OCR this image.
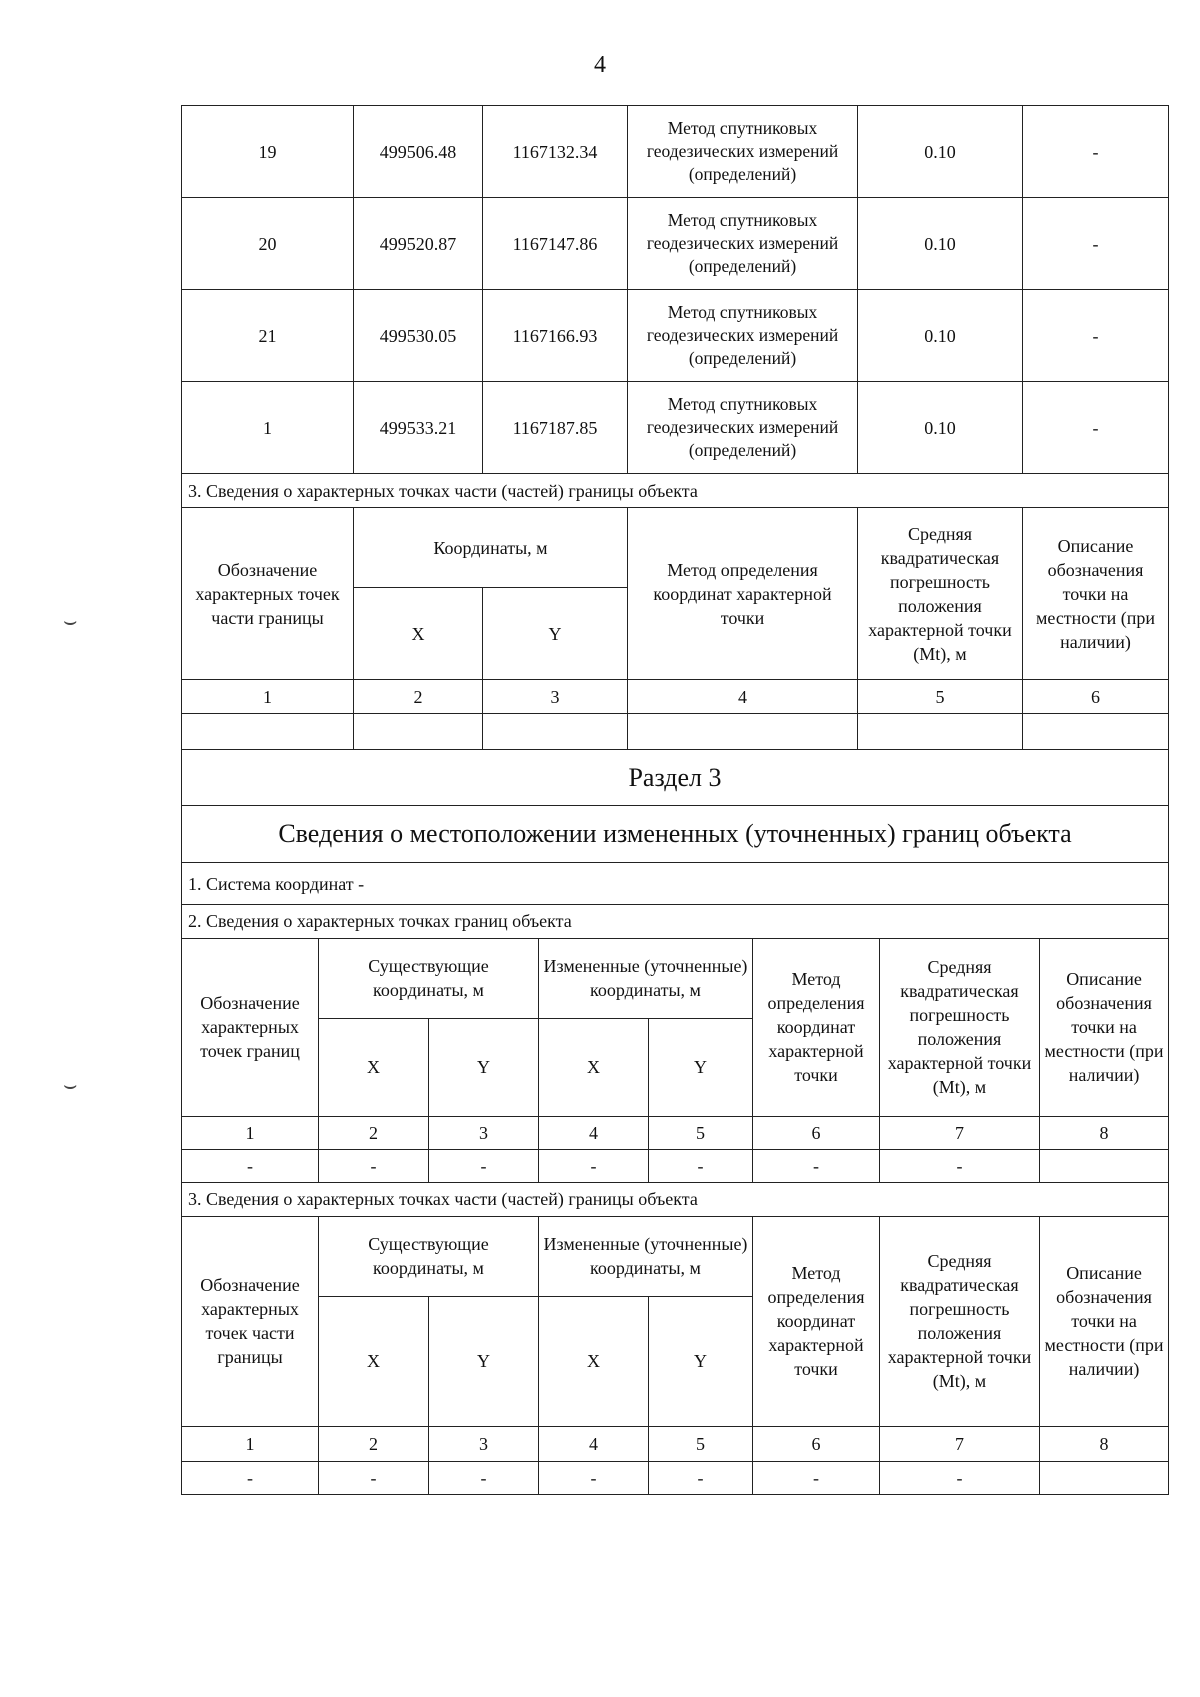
4
⌣
⌣
19	499506.48	1167132.34	Метод спутниковых геодезических измерений (определений)	0.10	-
20	499520.87	1167147.86	Метод спутниковых геодезических измерений (определений)	0.10	-
21	499530.05	1167166.93	Метод спутниковых геодезических измерений (определений)	0.10	-
1	499533.21	1167187.85	Метод спутниковых геодезических измерений (определений)	0.10	-
3. Сведения о характерных точках части (частей) границы объекта					
Обозначение характерных точек части границы	Координаты, м		Метод определения координат характерной точки	Средняя квадратическая погрешность положения характерной точки (Mt), м	Описание обозначения точки на местности (при наличии)
	X	Y			
1	2	3	4	5	6

Раздел 3					
Сведения о местоположении измененных (уточненных) границ объекта					
1. Система координат -					
2. Сведения о характерных точках границ объекта							
Обозначение характерных точек границ	Существующие координаты, м		Измененные (уточненные) координаты, м		Метод определения координат характерной точки	Средняя квадратическая погрешность положения характерной точки (Mt), м	Описание обозначения точки на местности (при наличии)
	X	Y	X	Y			
1	2	3	4	5	6	7	8
-	-	-	-	-	-	-	
3. Сведения о характерных точках части (частей) границы объекта							
Обозначение характерных точек части границы	Существующие координаты, м		Измененные (уточненные) координаты, м		Метод определения координат характерной точки	Средняя квадратическая погрешность положения характерной точки (Mt), м	Описание обозначения точки на местности (при наличии)
	X	Y	X	Y			
1	2	3	4	5	6	7	8
-	-	-	-	-	-	-	
